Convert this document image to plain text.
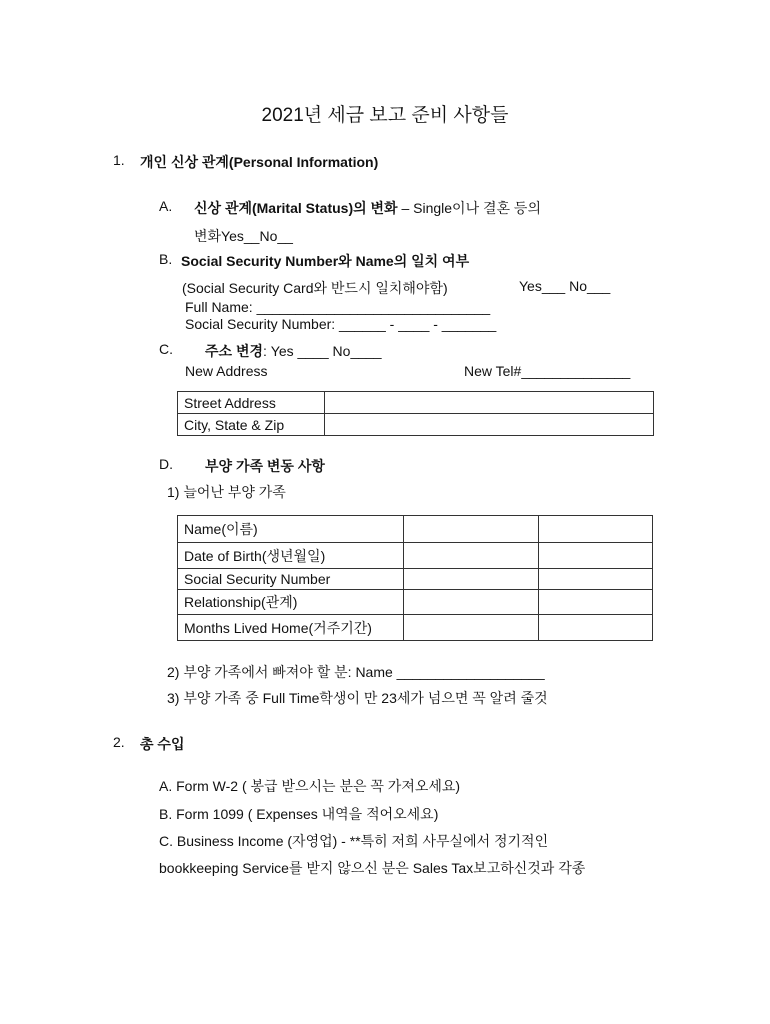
2021년 세금 보고 준비 사항들
1. 개인 신상 관계(Personal Information)
A. 신상 관계(Marital Status)의 변화 – Single이나 결혼 등의
변화Yes__No__
B. Social Security Number와 Name의 일치 여부
(Social Security Card와 반드시 일치해야함)	Yes___ No___
Full Name: ______________________________
Social Security Number: ______ - ____ - _______
C. 주소 변경: Yes ____ No____
New Address	New Tel#______________
Street Address	
City, State & Zip	
D. 부양 가족 변동 사항
1) 늘어난 부양 가족
Name(이름)		
Date of Birth(생년월일)		
Social Security Number		
Relationship(관계)		
Months Lived Home(거주기간)		
2) 부양 가족에서 빠져야 할 분: Name ___________________
3) 부양 가족 중 Full Time학생이 만 23세가 넘으면 꼭 알려 줄것
2. 총 수입
A. Form W-2 ( 봉급 받으시는 분은 꼭 가져오세요)
B. Form 1099 ( Expenses 내역을 적어오세요)
C. Business Income (자영업) - **특히 저희 사무실에서 정기적인
bookkeeping Service를 받지 않으신 분은 Sales Tax보고하신것과 각종
